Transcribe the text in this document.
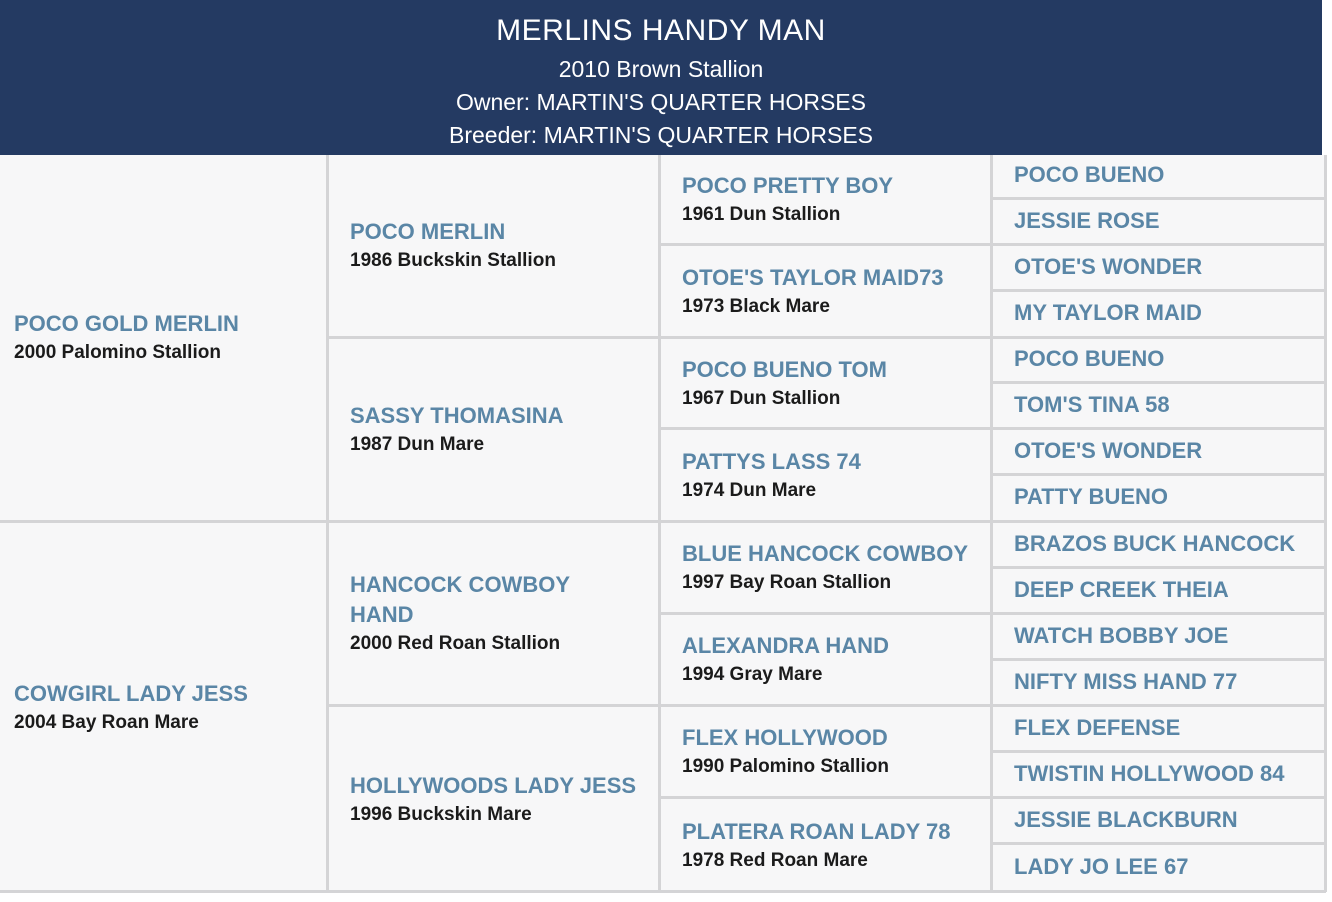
MERLINS HANDY MAN
2010 Brown Stallion
Owner: MARTIN'S QUARTER HORSES
Breeder: MARTIN'S QUARTER HORSES
POCO GOLD MERLIN
2000 Palomino Stallion
COWGIRL LADY JESS
2004 Bay Roan Mare
POCO MERLIN
1986 Buckskin Stallion
SASSY THOMASINA
1987 Dun Mare
HANCOCK COWBOY HAND
2000 Red Roan Stallion
HOLLYWOODS LADY JESS
1996 Buckskin Mare
POCO PRETTY BOY
1961 Dun Stallion
OTOE'S TAYLOR MAID73
1973 Black Mare
POCO BUENO TOM
1967 Dun Stallion
PATTYS LASS 74
1974 Dun Mare
BLUE HANCOCK COWBOY
1997 Bay Roan Stallion
ALEXANDRA HAND
1994 Gray Mare
FLEX HOLLYWOOD
1990 Palomino Stallion
PLATERA ROAN LADY 78
1978 Red Roan Mare
POCO BUENO
JESSIE ROSE
OTOE'S WONDER
MY TAYLOR MAID
POCO BUENO
TOM'S TINA 58
OTOE'S WONDER
PATTY BUENO
BRAZOS BUCK HANCOCK
DEEP CREEK THEIA
WATCH BOBBY JOE
NIFTY MISS HAND 77
FLEX DEFENSE
TWISTIN HOLLYWOOD 84
JESSIE BLACKBURN
LADY JO LEE 67
